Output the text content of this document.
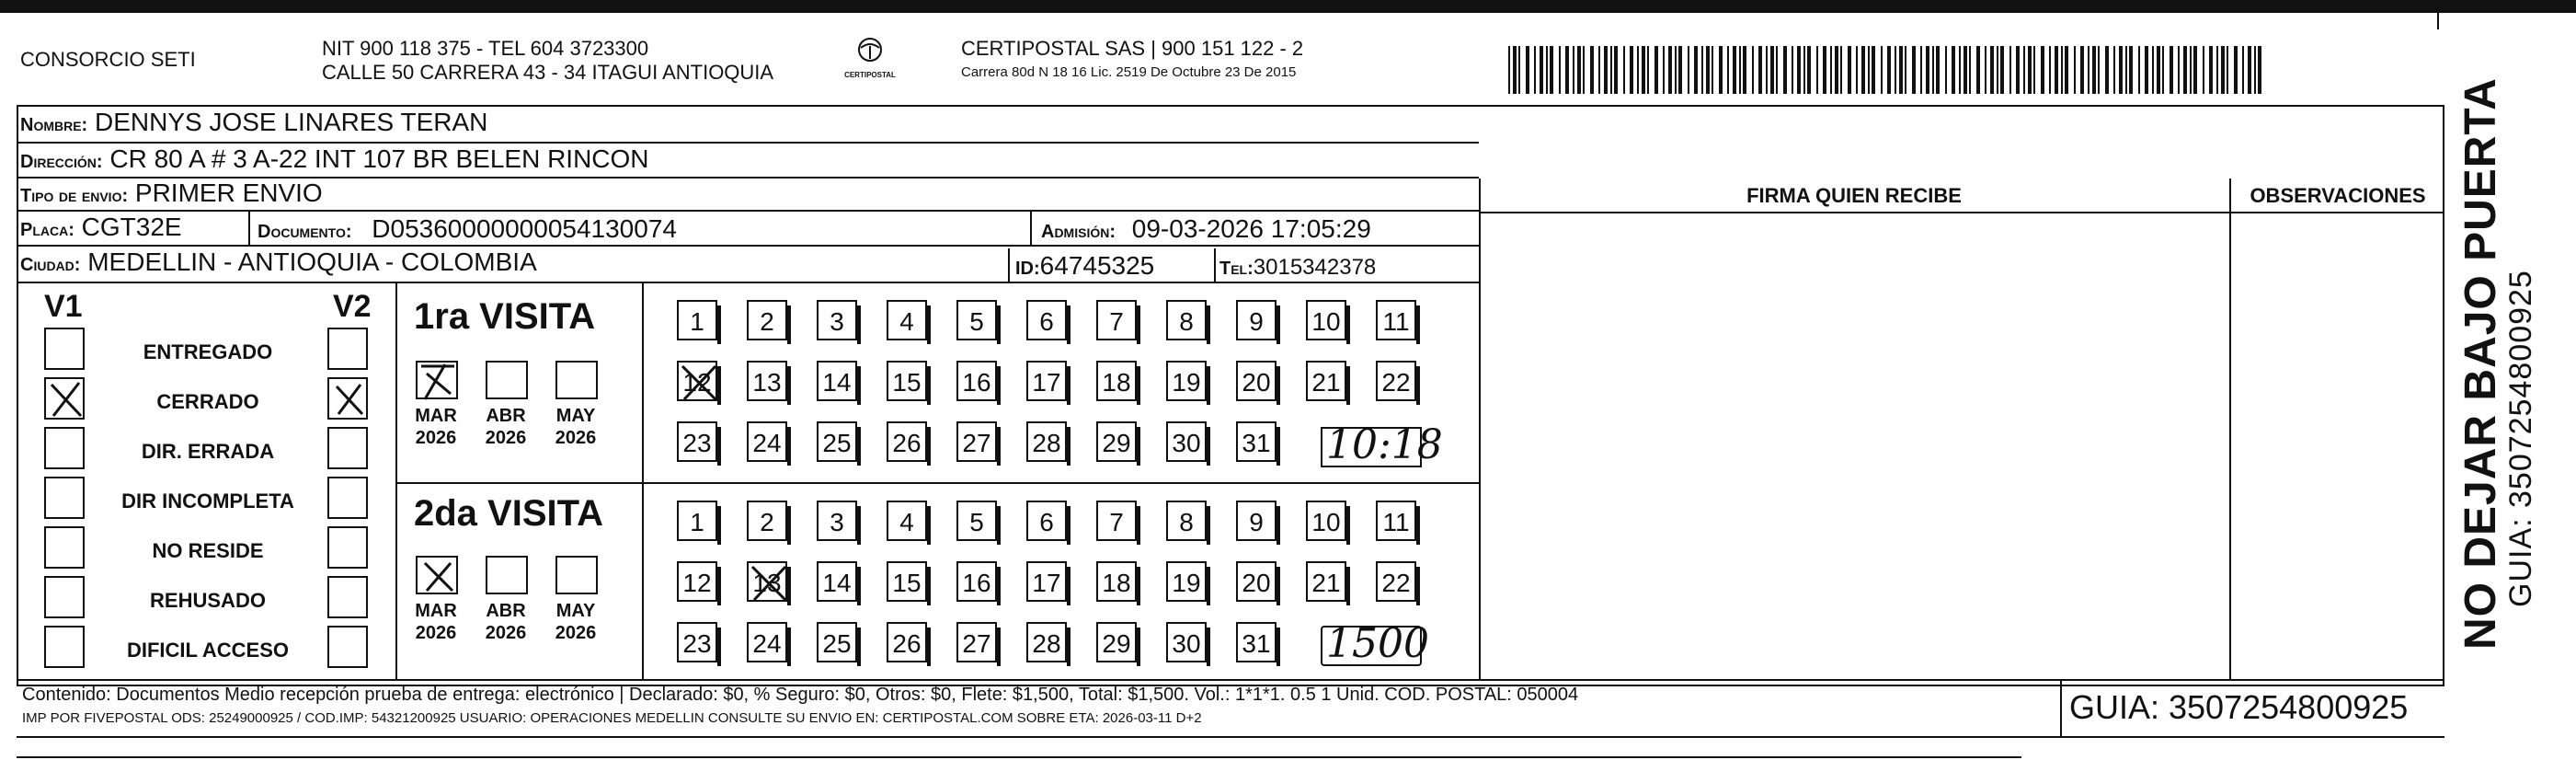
CONSORCIO SETI	NIT 900 118 375 - TEL 604 3723300
CALLE 50 CARRERA 43 - 34 ITAGUI ANTIOQUIA	CERTIPOSTAL
CERTIPOSTAL SAS | 900 151 122 - 2
Carrera 80d N 18 16 Lic. 2519 De Octubre 23 De 2015
Nombre: DENNYS JOSE LINARES TERAN
Dirección: CR 80 A # 3 A-22 INT 107 BR BELEN RINCON
Tipo de envio: PRIMER ENVIO
Placa: CGT32E	Documento: D05360000000054130074	Admisión: 09-03-2026 17:05:29
Ciudad: MEDELLIN - ANTIOQUIA - COLOMBIA	ID:64745325	Tel:3015342378
FIRMA QUIEN RECIBE	OBSERVACIONES
V1	V2
ENTREGADO
CERRADO
DIR. ERRADA
DIR INCOMPLETA
NO RESIDE
REHUSADO
DIFICIL ACCESO
1ra VISITA
2da VISITA
MAR
2026
ABR
2026
MAY
2026
1	2	3	4	5	6	7	8	9	10 11
12 13 14 15 16 17 18 19 20 21 22
23 24 25 26 27 28 29 30 31
MAR
2026
ABR
2026
MAY
2026
1	2	3	4	5	6	7	8	9	10 11
12 13 14 15 16 17 18 19 20 21 22
23 24 25 26 27 28 29 30 31
10:18
1500
Contenido: Documentos Medio recepción prueba de entrega: electrónico | Declarado: $0, % Seguro: $0, Otros: $0, Flete: $1,500, Total: $1,500. Vol.: 1*1*1. 0.5 1 Unid. COD. POSTAL: 050004
IMP POR FIVEPOSTAL ODS: 25249000925 / COD.IMP: 54321200925 USUARIO: OPERACIONES MEDELLIN CONSULTE SU ENVIO EN: CERTIPOSTAL.COM SOBRE ETA: 2026-03-11 D+2	GUIA: 3507254800925
NO DEJAR BAJO PUERTA
GUIA: 3507254800925
